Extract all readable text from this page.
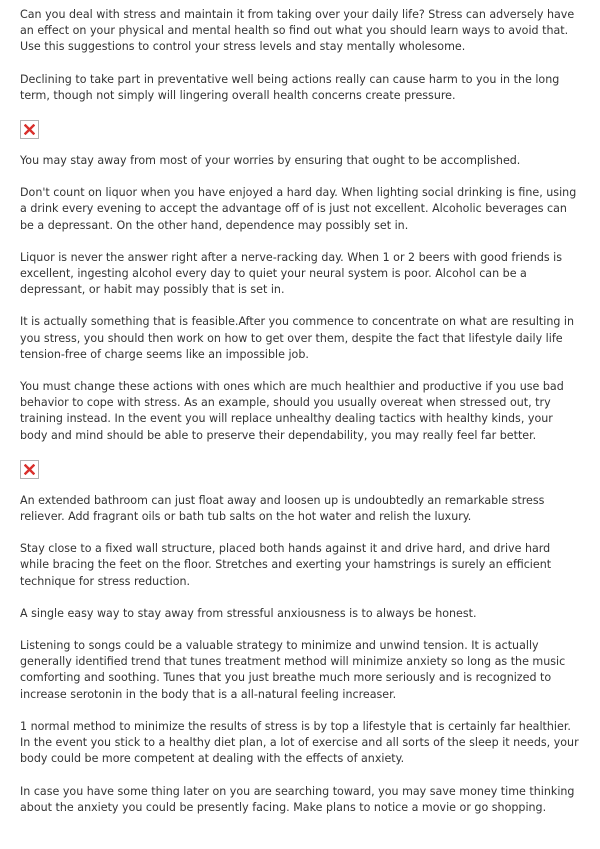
Can you deal with stress and maintain it from taking over your daily life? Stress can adversely have an effect on your physical and mental health so find out what you should learn ways to avoid that. Use this suggestions to control your stress levels and stay mentally wholesome.

Declining to take part in preventative well being actions really can cause harm to you in the long term, though not simply will lingering overall health concerns create pressure.

You may stay away from most of your worries by ensuring that ought to be accomplished.

Don't count on liquor when you have enjoyed a hard day. When lighting social drinking is fine, using a drink every evening to accept the advantage off of is just not excellent. Alcoholic beverages can be a depressant. On the other hand, dependence may possibly set in.

Liquor is never the answer right after a nerve-racking day. When 1 or 2 beers with good friends is excellent, ingesting alcohol every day to quiet your neural system is poor. Alcohol can be a depressant, or habit may possibly that is set in.

It is actually something that is feasible.After you commence to concentrate on what are resulting in you stress, you should then work on how to get over them, despite the fact that lifestyle daily life tension-free of charge seems like an impossible job.

You must change these actions with ones which are much healthier and productive if you use bad behavior to cope with stress. As an example, should you usually overeat when stressed out, try training instead. In the event you will replace unhealthy dealing tactics with healthy kinds, your body and mind should be able to preserve their dependability, you may really feel far better.

An extended bathroom can just float away and loosen up is undoubtedly an remarkable stress reliever. Add fragrant oils or bath tub salts on the hot water and relish the luxury.

Stay close to a fixed wall structure, placed both hands against it and drive hard, and drive hard while bracing the feet on the floor. Stretches and exerting your hamstrings is surely an efficient technique for stress reduction.

A single easy way to stay away from stressful anxiousness is to always be honest.

Listening to songs could be a valuable strategy to minimize and unwind tension. It is actually generally identified trend that tunes treatment method will minimize anxiety so long as the music comforting and soothing. Tunes that you just breathe much more seriously and is recognized to increase serotonin in the body that is a all-natural feeling increaser.

1 normal method to minimize the results of stress is by top a lifestyle that is certainly far healthier. In the event you stick to a healthy diet plan, a lot of exercise and all sorts of the sleep it needs, your body could be more competent at dealing with the effects of anxiety.

In case you have some thing later on you are searching toward, you may save money time thinking about the anxiety you could be presently facing. Make plans to notice a movie or go shopping.
